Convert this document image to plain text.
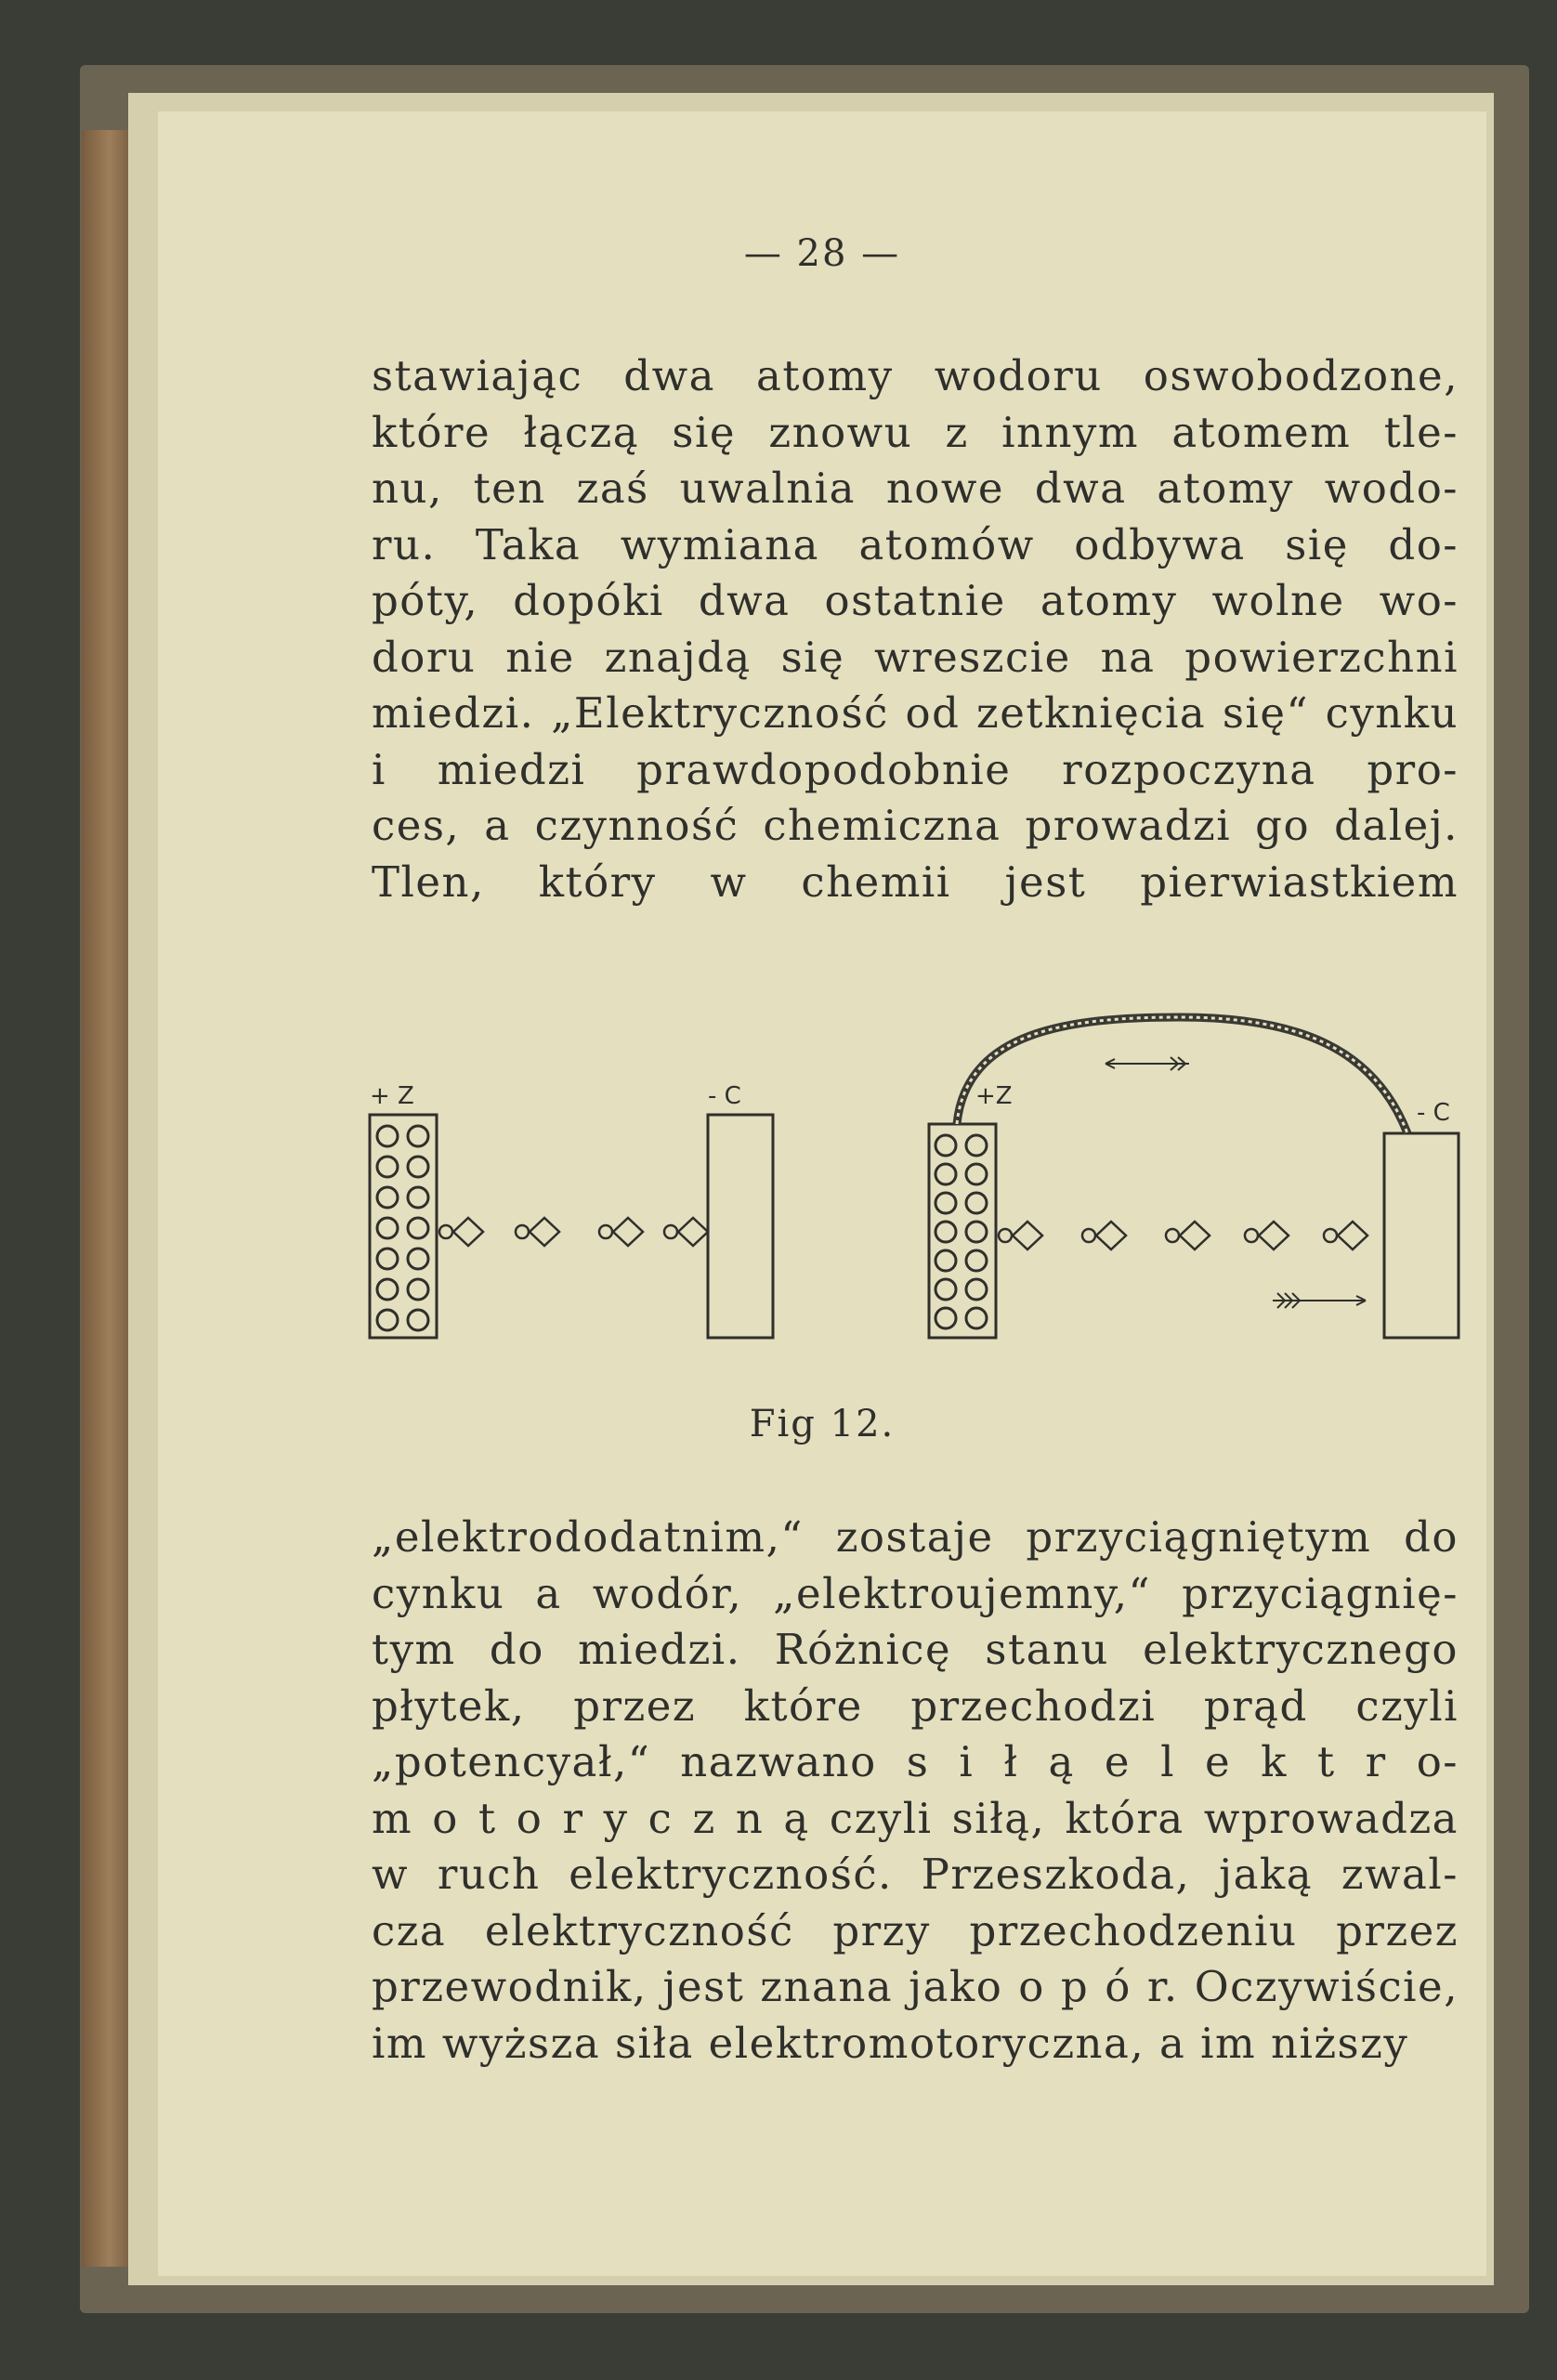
— 28 —
stawiając dwa atomy wodoru oswobodzone,
które łączą się znowu z innym atomem tle-
nu, ten zaś uwalnia nowe dwa atomy wodo-
ru. Taka wymiana atomów odbywa się do-
póty, dopóki dwa ostatnie atomy wolne wo-
doru nie znajdą się wreszcie na powierzchni
miedzi. „Elektryczność od zetknięcia się“ cynku
i miedzi prawdopodobnie rozpoczyna pro-
ces, a czynność chemiczna prowadzi go dalej.
Tlen, który w chemii jest pierwiastkiem
+ Z	- C	+Z
- C
Fig 12.
„elektrododatnim,“ zostaje przyciągniętym do
cynku a wodór, „elektroujemny,“ przyciągnię-
tym do miedzi. Różnicę stanu elektrycznego
płytek, przez które przechodzi prąd czyli
„potencyał,“ nazwano s i ł ą e l e k t r o-
m o t o r y c z n ą czyli siłą, która wprowadza
w ruch elektryczność. Przeszkoda, jaką zwal-
cza elektryczność przy przechodzeniu przez
przewodnik, jest znana jako o p ó r. Oczywiście,
im wyższa siła elektromotoryczna, a im niższy
